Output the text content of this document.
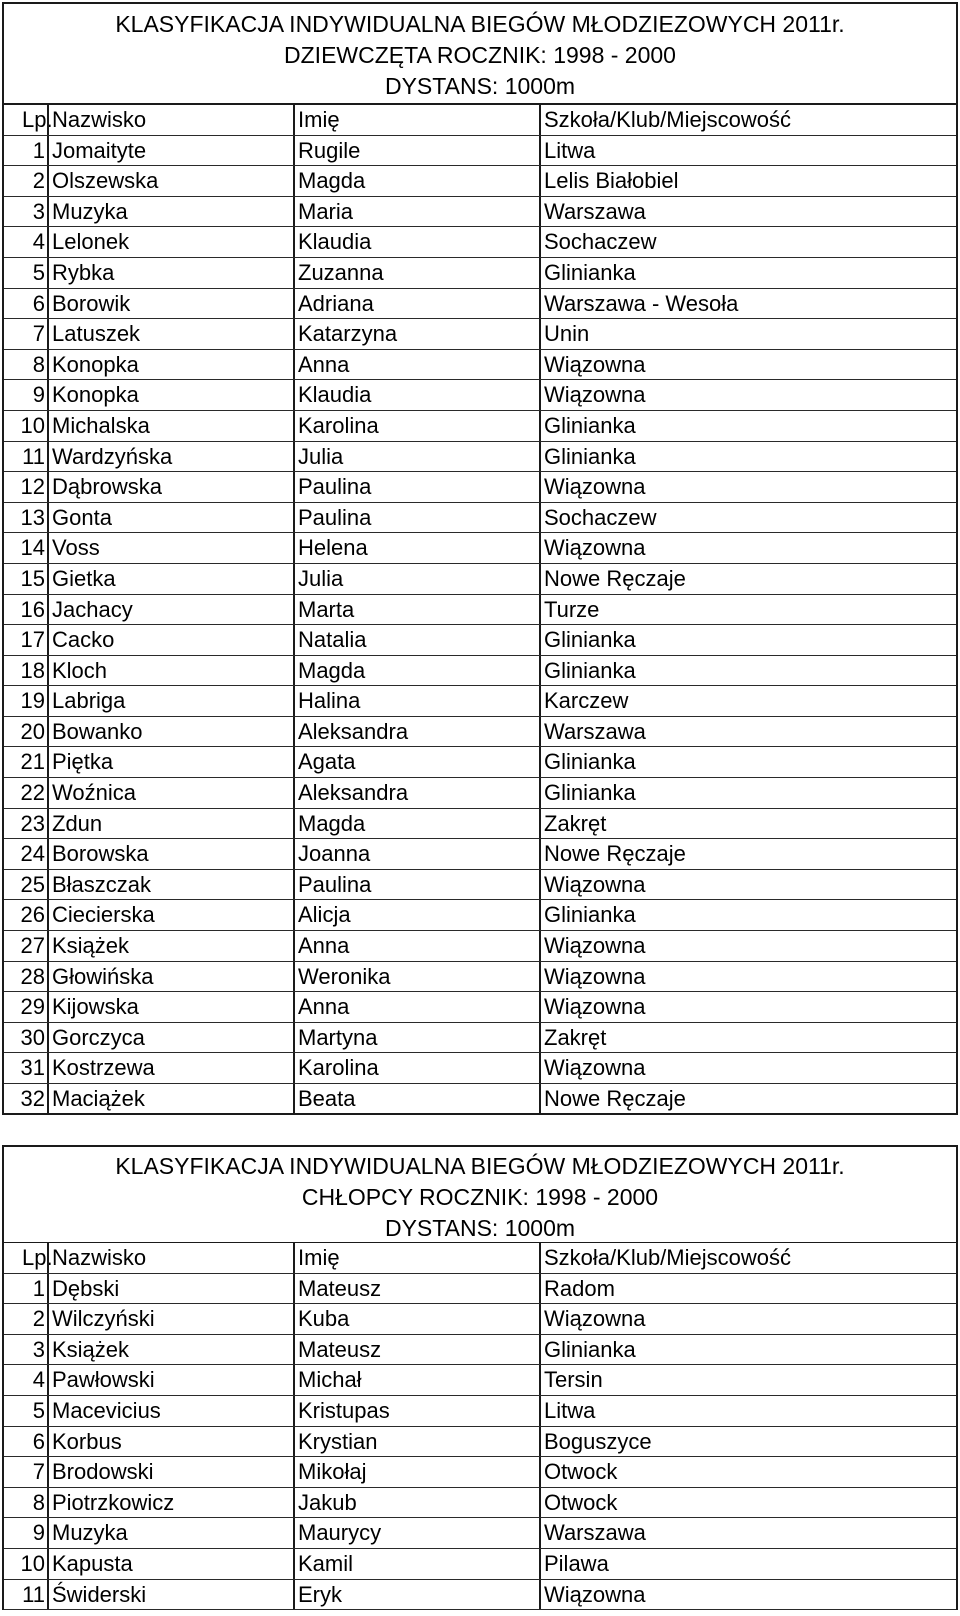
KLASYFIKACJA INDYWIDUALNA BIEGÓW MŁODZIEZOWYCH 2011r.
DZIEWCZĘTA ROCZNIK: 1998 - 2000
DYSTANS: 1000m
Lp. Nazwisko	Imię	Szkoła/Klub/Miejscowość
1 Jomaityte	Rugile	Litwa
2 Olszewska	Magda	Lelis Białobiel
3 Muzyka	Maria	Warszawa
4 Lelonek	Klaudia	Sochaczew
5 Rybka	Zuzanna	Glinianka
6 Borowik	Adriana	Warszawa - Wesoła
7 Latuszek	Katarzyna	Unin
8 Konopka	Anna	Wiązowna
9 Konopka	Klaudia	Wiązowna
10 Michalska	Karolina	Glinianka
11 Wardzyńska	Julia	Glinianka
12 Dąbrowska	Paulina	Wiązowna
13 Gonta	Paulina	Sochaczew
14 Voss	Helena	Wiązowna
15 Gietka	Julia	Nowe Ręczaje
16 Jachacy	Marta	Turze
17 Cacko	Natalia	Glinianka
18 Kloch	Magda	Glinianka
19 Labriga	Halina	Karczew
20 Bowanko	Aleksandra	Warszawa
21 Piętka	Agata	Glinianka
22 Woźnica	Aleksandra	Glinianka
23 Zdun	Magda	Zakręt
24 Borowska	Joanna	Nowe Ręczaje
25 Błaszczak	Paulina	Wiązowna
26 Ciecierska	Alicja	Glinianka
27 Książek	Anna	Wiązowna
28 Głowińska	Weronika	Wiązowna
29 Kijowska	Anna	Wiązowna
30 Gorczyca	Martyna	Zakręt
31 Kostrzewa	Karolina	Wiązowna
32 Maciążek	Beata	Nowe Ręczaje
KLASYFIKACJA INDYWIDUALNA BIEGÓW MŁODZIEZOWYCH 2011r.
CHŁOPCY ROCZNIK: 1998 - 2000
DYSTANS: 1000m
Lp. Nazwisko	Imię	Szkoła/Klub/Miejscowość
1 Dębski	Mateusz	Radom
2 Wilczyński	Kuba	Wiązowna
3 Książek	Mateusz	Glinianka
4 Pawłowski	Michał	Tersin
5 Macevicius	Kristupas	Litwa
6 Korbus	Krystian	Boguszyce
7 Brodowski	Mikołaj	Otwock
8 Piotrzkowicz	Jakub	Otwock
9 Muzyka	Maurycy	Warszawa
10 Kapusta	Kamil	Pilawa
11 Świderski	Eryk	Wiązowna
